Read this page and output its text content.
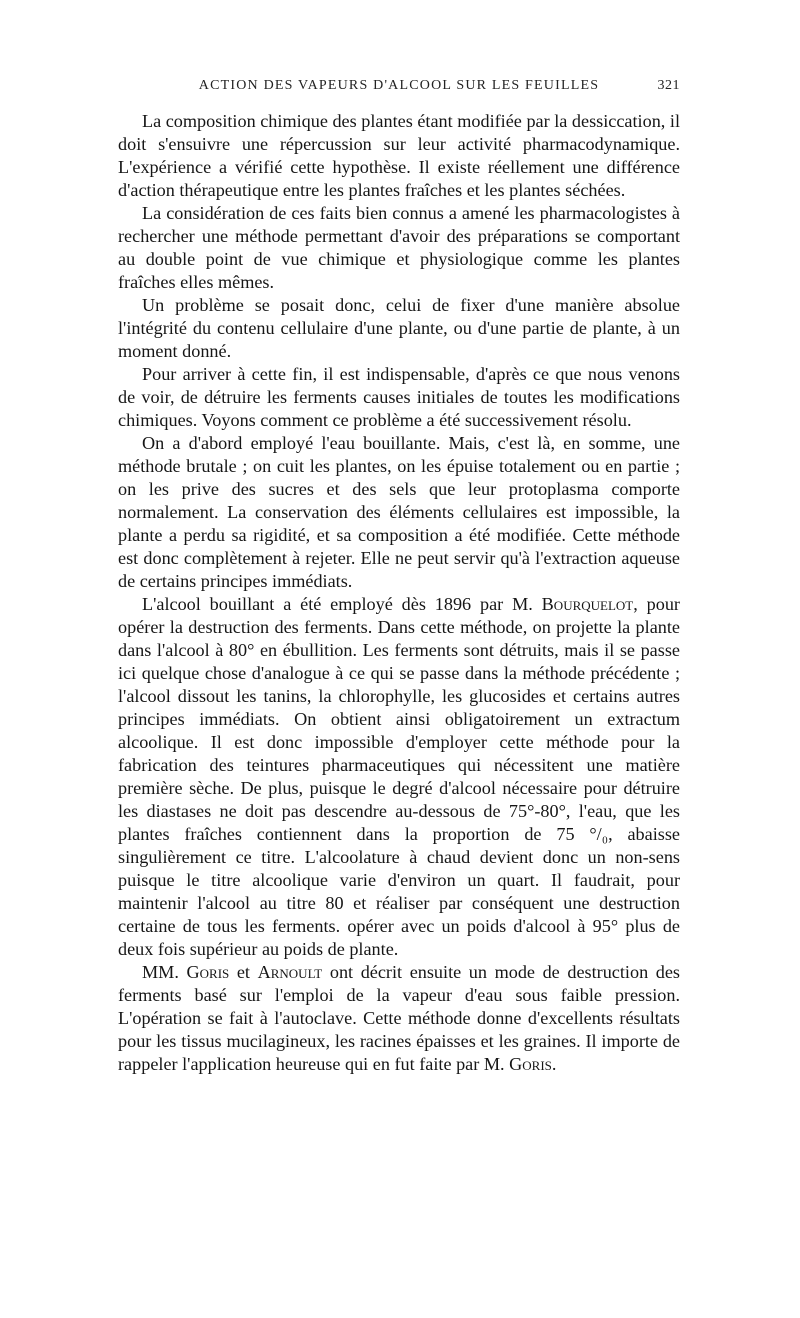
ACTION DES VAPEURS D'ALCOOL SUR LES FEUILLES	321

La composition chimique des plantes étant modifiée par la dessiccation, il doit s'ensuivre une répercussion sur leur activité pharmacodynamique. L'expérience a vérifié cette hypothèse. Il existe réellement une différence d'action thérapeutique entre les plantes fraîches et les plantes séchées.

La considération de ces faits bien connus a amené les pharmacologistes à rechercher une méthode permettant d'avoir des préparations se comportant au double point de vue chimique et physiologique comme les plantes fraîches elles mêmes.

Un problème se posait donc, celui de fixer d'une manière absolue l'intégrité du contenu cellulaire d'une plante, ou d'une partie de plante, à un moment donné.

Pour arriver à cette fin, il est indispensable, d'après ce que nous venons de voir, de détruire les ferments causes initiales de toutes les modifications chimiques. Voyons comment ce problème a été successivement résolu.

On a d'abord employé l'eau bouillante. Mais, c'est là, en somme, une méthode brutale ; on cuit les plantes, on les épuise totalement ou en partie ; on les prive des sucres et des sels que leur protoplasma comporte normalement. La conservation des éléments cellulaires est impossible, la plante a perdu sa rigidité, et sa composition a été modifiée. Cette méthode est donc complètement à rejeter. Elle ne peut servir qu'à l'extraction aqueuse de certains principes immédiats.

L'alcool bouillant a été employé dès 1896 par M. Bourquelot, pour opérer la destruction des ferments. Dans cette méthode, on projette la plante dans l'alcool à 80° en ébullition. Les ferments sont détruits, mais il se passe ici quelque chose d'analogue à ce qui se passe dans la méthode précédente ; l'alcool dissout les tanins, la chlorophylle, les glucosides et certains autres principes immédiats. On obtient ainsi obligatoirement un extractum alcoolique. Il est donc impossible d'employer cette méthode pour la fabrication des teintures pharmaceutiques qui nécessitent une matière première sèche. De plus, puisque le degré d'alcool nécessaire pour détruire les diastases ne doit pas descendre au-dessous de 75°-80°, l'eau, que les plantes fraîches contiennent dans la proportion de 75 °/₀, abaisse singulièrement ce titre. L'alcoolature à chaud devient donc un non-sens puisque le titre alcoolique varie d'environ un quart. Il faudrait, pour maintenir l'alcool au titre 80 et réaliser par conséquent une destruction certaine de tous les ferments. opérer avec un poids d'alcool à 95° plus de deux fois supérieur au poids de plante.

MM. Goris et Arnoult ont décrit ensuite un mode de destruction des ferments basé sur l'emploi de la vapeur d'eau sous faible pression. L'opération se fait à l'autoclave. Cette méthode donne d'excellents résultats pour les tissus mucilagineux, les racines épaisses et les graines. Il importe de rappeler l'application heureuse qui en fut faite par M. Goris.
